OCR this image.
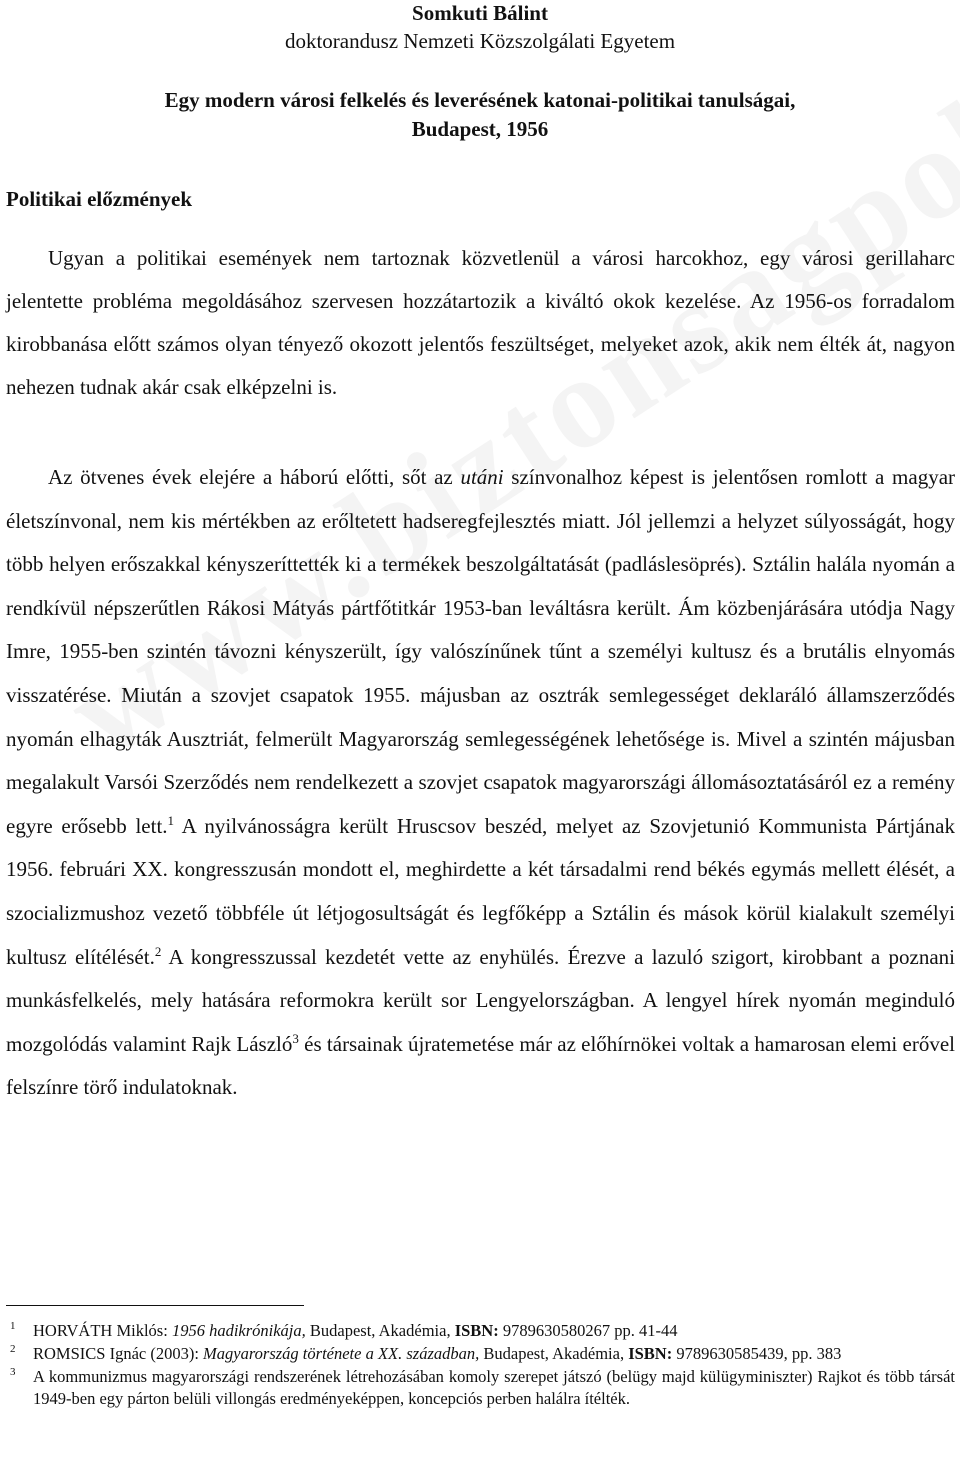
Somkuti Bálint
doktorandusz Nemzeti Közszolgálati Egyetem
Egy modern városi felkelés és leverésének katonai-politikai tanulságai,
Budapest, 1956
Politikai előzmények

Ugyan a politikai események nem tartoznak közvetlenül a városi harcokhoz, egy városi gerillaharc jelentette probléma megoldásához szervesen hozzátartozik a kiváltó okok kezelése. Az 1956-os forradalom kirobbanása előtt számos olyan tényező okozott jelentős feszültséget, melyeket azok, akik nem élték át, nagyon nehezen tudnak akár csak elképzelni is.

Az ötvenes évek elejére a háború előtti, sőt az utáni színvonalhoz képest is jelentősen romlott a magyar életszínvonal, nem kis mértékben az erőltetett hadseregfejlesztés miatt. Jól jellemzi a helyzet súlyosságát, hogy több helyen erőszakkal kényszeríttették ki a termékek beszolgáltatását (padláslesöprés). Sztálin halála nyomán a rendkívül népszerűtlen Rákosi Mátyás pártfőtitkár 1953-ban leváltásra került. Ám közbenjárására utódja Nagy Imre, 1955-ben szintén távozni kényszerült, így valószínűnek tűnt a személyi kultusz és a brutális elnyomás visszatérése. Miután a szovjet csapatok 1955. májusban az osztrák semlegességet deklaráló államszerződés nyomán elhagyták Ausztriát, felmerült Magyarország semlegességének lehetősége is. Mivel a szintén májusban megalakult Varsói Szerződés nem rendelkezett a szovjet csapatok magyarországi állomásoztatásáról ez a remény egyre erősebb lett.$^1$ A nyilvánosságra került Hruscsov beszéd, melyet az Szovjetunió Kommunista Pártjának 1956. februári XX. kongresszusán mondott el, meghirdette a két társadalmi rend békés egymás mellett élését, a szocializmushoz vezető többféle út létjogosultságát és legfőképp a Sztálin és mások körül kialakult személyi kultusz elítélését.$^2$ A kongresszussal kezdetét vette az enyhülés. Érezve a lazuló szigort, kirobbant a poznani munkásfelkelés, mely hatására reformokra került sor Lengyelországban. A lengyel hírek nyomán meginduló mozgolódás valamint Rajk László$^3$ és társainak újratemetése már az előhírnökei voltak a hamarosan elemi erővel felszínre törő indulatoknak.

1 HORVÁTH Miklós: 1956 hadikrónikája, Budapest, Akadémia, ISBN: 9789630580267 pp. 41-44
2 ROMSICS Ignác (2003): Magyarország története a XX. században, Budapest, Akadémia, ISBN: 9789630585439, pp. 383
3 A kommunizmus magyarországi rendszerének létrehozásában komoly szerepet játszó (belügy majd külügyminiszter) Rajkot és több társát 1949-ben egy párton belüli villongás eredményeképpen, koncepciós perben halálra ítélték.
